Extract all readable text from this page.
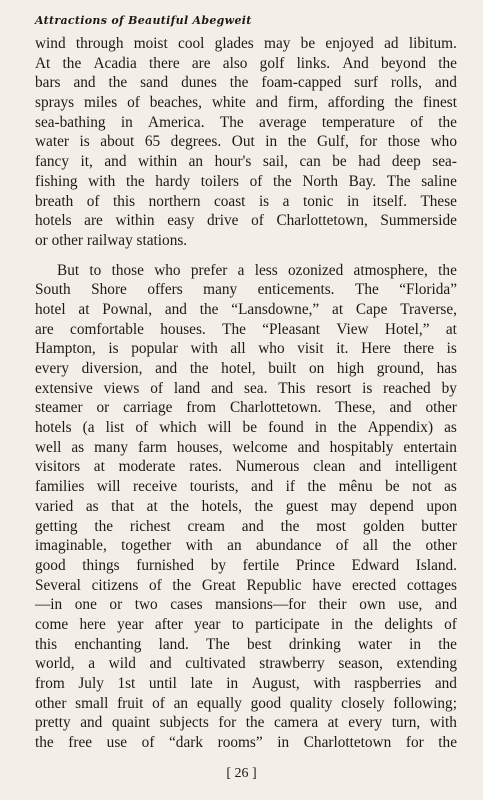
Attractions of Beautiful Abegweit
wind through moist cool glades may be enjoyed ad libitum.
At the Acadia there are also golf links. And beyond the
bars and the sand dunes the foam-capped surf rolls, and
sprays miles of beaches, white and firm, affording the finest
sea-bathing in America. The average temperature of the
water is about 65 degrees. Out in the Gulf, for those who
fancy it, and within an hour's sail, can be had deep sea-
fishing with the hardy toilers of the North Bay. The saline
breath of this northern coast is a tonic in itself. These
hotels are within easy drive of Charlottetown, Summerside
or other railway stations.
But to those who prefer a less ozonized atmosphere, the
South Shore offers many enticements. The “Florida”
hotel at Pownal, and the “Lansdowne,” at Cape Traverse,
are comfortable houses. The “Pleasant View Hotel,” at
Hampton, is popular with all who visit it. Here there is
every diversion, and the hotel, built on high ground, has
extensive views of land and sea. This resort is reached by
steamer or carriage from Charlottetown. These, and other
hotels (a list of which will be found in the Appendix) as
well as many farm houses, welcome and hospitably entertain
visitors at moderate rates. Numerous clean and intelligent
families will receive tourists, and if the mênu be not as
varied as that at the hotels, the guest may depend upon
getting the richest cream and the most golden butter
imaginable, together with an abundance of all the other
good things furnished by fertile Prince Edward Island.
Several citizens of the Great Republic have erected cottages
—in one or two cases mansions—for their own use, and
come here year after year to participate in the delights of
this enchanting land. The best drinking water in the
world, a wild and cultivated strawberry season, extending
from July 1st until late in August, with raspberries and
other small fruit of an equally good quality closely following;
pretty and quaint subjects for the camera at every turn, with
the free use of “dark rooms” in Charlottetown for the
[ 26 ]
